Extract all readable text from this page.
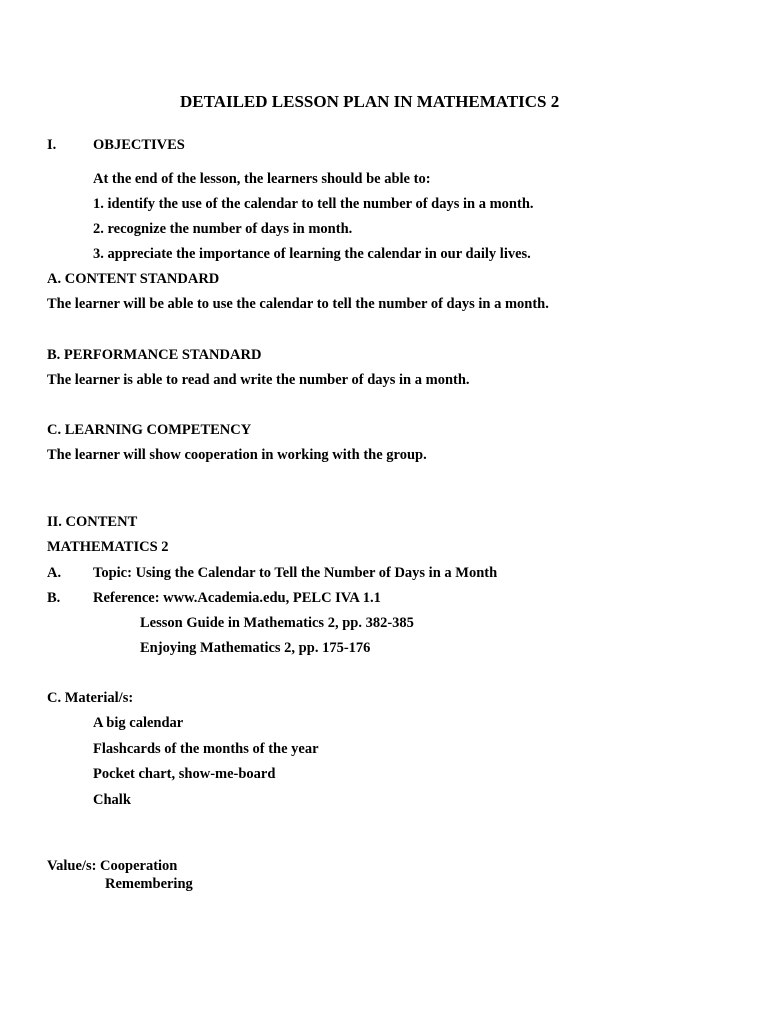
DETAILED LESSON PLAN IN MATHEMATICS 2
I.	OBJECTIVES
At the end of the lesson, the learners should be able to:
1. identify the use of the calendar to tell the number of days in a month.
2. recognize the number of days in month.
3. appreciate the importance of learning the calendar in our daily lives.
A. CONTENT STANDARD
The learner will be able to use the calendar to tell the number of days in a month.
B. PERFORMANCE STANDARD
The learner is able to read and write the number of days in a month.
C. LEARNING COMPETENCY
The learner will show cooperation in working with the group.
II. CONTENT
MATHEMATICS 2
A. Topic: Using the Calendar to Tell the Number of Days in a Month
B. Reference: www.Academia.edu, PELC IVA 1.1
Lesson Guide in Mathematics 2, pp. 382-385
Enjoying Mathematics 2, pp. 175-176
C. Material/s:
A big calendar
Flashcards of the months of the year
Pocket chart, show-me-board
Chalk
Value/s: Cooperation
Remembering
